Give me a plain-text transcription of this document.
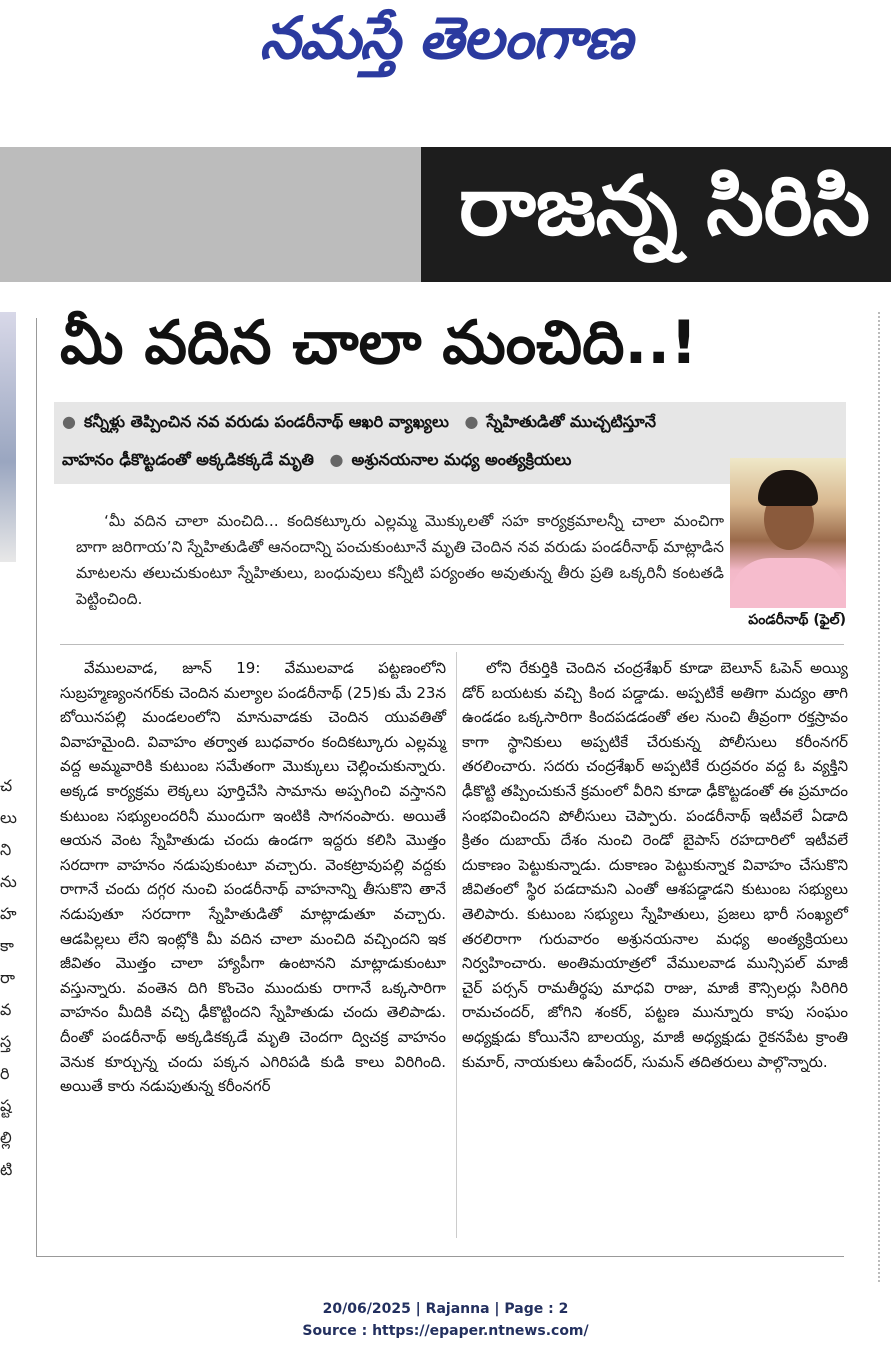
నమస్తే తెలంగాణ
రాజన్న సిరిసి
చ
లు
ని
ను
హ
కా
రా
వ
స్త
రి
ష్ట
ల్లి
టి
మీ వదిన చాలా మంచిది..!
● కన్నీళ్లు తెప్పించిన నవ వరుడు పండరీనాథ్ ఆఖరి వ్యాఖ్యలు ● స్నేహితుడితో ముచ్చటిస్తూనే
వాహనం ఢీకొట్టడంతో అక్కడికక్కడే మృతి ● అశ్రునయనాల మధ్య అంత్యక్రియలు
పండరీనాథ్ (ఫైల్)

‘మీ వదిన చాలా మంచిది... కందికట్కూరు ఎల్లమ్మ మొక్కులతో సహ కార్యక్రమాలన్నీ చాలా మంచిగా బాగా జరిగాయ’ని స్నేహితుడితో ఆనందాన్ని పంచుకుంటూనే మృతి చెందిన నవ వరుడు పండరీనాథ్ మాట్లాడిన మాటలను తలుచుకుంటూ స్నేహితులు, బంధువులు కన్నీటి పర్యంతం అవుతున్న తీరు ప్రతి ఒక్కరినీ కంటతడి పెట్టించింది.

వేములవాడ, జూన్ 19: వేములవాడ పట్టణంలోని సుబ్రహ్మణ్యంనగర్‌కు చెందిన మల్యాల పండరీనాథ్ (25)కు మే 23న బోయినపల్లి మండలంలోని మానువాడకు చెందిన యువతితో వివాహమైంది. వివాహం తర్వాత బుధవారం కందికట్కూరు ఎల్లమ్మ వద్ద అమ్మవారికి కుటుంబ సమేతంగా మొక్కులు చెల్లించుకున్నారు. అక్కడ కార్యక్రమ లెక్కలు పూర్తిచేసి సామాను అప్పగించి వస్తానని కుటుంబ సభ్యులందరినీ ముందుగా ఇంటికి సాగనంపారు. అయితే ఆయన వెంట స్నేహితుడు చందు ఉండగా ఇద్దరు కలిసి మొత్తం సరదాగా వాహనం నడుపుకుంటూ వచ్చారు. వెంకట్రావుపల్లి వద్దకు రాగానే చందు దగ్గర నుంచి పండరీనాథ్ వాహనాన్ని తీసుకొని తానే నడుపుతూ సరదాగా స్నేహితుడితో మాట్లాడుతూ వచ్చారు. ఆడపిల్లలు లేని ఇంట్లోకి మీ వదిన చాలా మంచిది వచ్చిందని ఇక జీవితం మొత్తం చాలా హ్యాపీగా ఉంటానని మాట్లాడుకుంటూ వస్తున్నారు. వంతెన దిగి కొంచెం ముందుకు రాగానే ఒక్కసారిగా వాహనం మీదికి వచ్చి ఢీకొట్టిందని స్నేహితుడు చందు తెలిపాడు. దీంతో పండరీనాథ్ అక్కడికక్కడే మృతి చెందగా ద్విచక్ర వాహనం వెనుక కూర్చున్న చందు పక్కన ఎగిరిపడి కుడి కాలు విరిగింది. అయితే కారు నడుపుతున్న కరీంనగర్

లోని రేకుర్తికి చెందిన చంద్రశేఖర్ కూడా బెలూన్ ఓపెన్ అయ్యి డోర్ బయటకు వచ్చి కింద పడ్డాడు. అప్పటికే అతిగా మద్యం తాగి ఉండడం ఒక్కసారిగా కిందపడడంతో తల నుంచి తీవ్రంగా రక్తస్రావం కాగా స్థానికులు అప్పటికే చేరుకున్న పోలీసులు కరీంనగర్ తరలించారు. సదరు చంద్రశేఖర్ అప్పటికే రుద్రవరం వద్ద ఓ వ్యక్తిని ఢీకొట్టి తప్పించుకునే క్రమంలో వీరిని కూడా ఢీకొట్టడంతో ఈ ప్రమాదం సంభవించిందని పోలీసులు చెప్పారు. పండరీనాథ్ ఇటీవలే ఏడాది క్రితం దుబాయ్ దేశం నుంచి రెండో బైపాస్ రహదారిలో ఇటీవలే దుకాణం పెట్టుకున్నాడు. దుకాణం పెట్టుకున్నాక వివాహం చేసుకొని జీవితంలో స్థిర పడదామని ఎంతో ఆశపడ్డాడని కుటుంబ సభ్యులు తెలిపారు. కుటుంబ సభ్యులు స్నేహితులు, ప్రజలు భారీ సంఖ్యలో తరలిరాగా గురువారం అశ్రునయనాల మధ్య అంత్యక్రియలు నిర్వహించారు. అంతిమయాత్రలో వేములవాడ మున్సిపల్ మాజీ చైర్ పర్సన్ రామతీర్థపు మాధవి రాజు, మాజీ కౌన్సిలర్లు సిరిగిరి రామచందర్, జోగిని శంకర్, పట్టణ మున్నూరు కాపు సంఘం అధ్యక్షుడు కోయినేని బాలయ్య, మాజీ అధ్యక్షుడు రైకనపేట క్రాంతి కుమార్, నాయకులు ఉపేందర్, సుమన్ తదితరులు పాల్గొన్నారు.

20/06/2025 | Rajanna | Page : 2
Source : https://epaper.ntnews.com/
